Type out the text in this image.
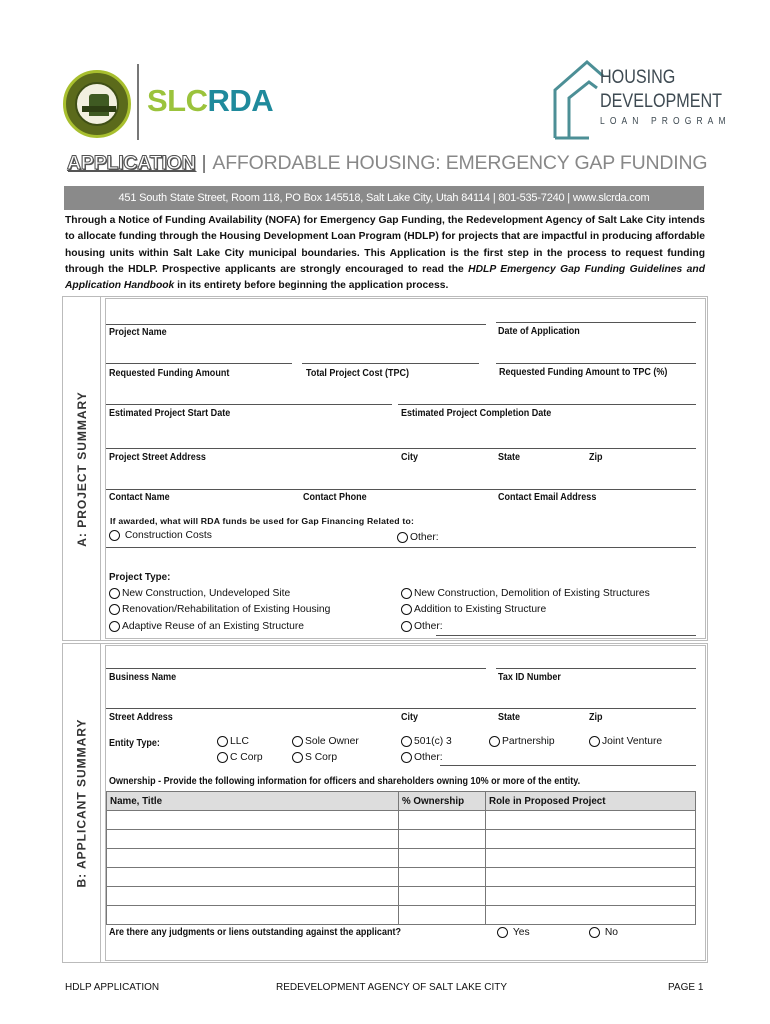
SLCRDA
HOUSING
DEVELOPMENT
LOAN PROGRAM
APPLICATION | AFFORDABLE HOUSING: EMERGENCY GAP FUNDING
451 South State Street, Room 118, PO Box 145518, Salt Lake City, Utah 84114 | 801-535-7240 | www.slcrda.com
Through a Notice of Funding Availability (NOFA) for Emergency Gap Funding, the Redevelopment Agency of Salt Lake City intends to allocate funding through the Housing Development Loan Program (HDLP) for projects that are impactful in producing affordable housing units within Salt Lake City municipal boundaries. This Application is the first step in the process to request funding through the HDLP. Prospective applicants are strongly encouraged to read the HDLP Emergency Gap Funding Guidelines and Application Handbook in its entirety before beginning the application process.
A: PROJECT SUMMARY
Project Name	Date of Application
Requested Funding Amount	Total Project Cost (TPC)	Requested Funding Amount to TPC (%)
Estimated Project Start Date	Estimated Project Completion Date
Project Street Address	City	State	Zip
Contact Name	Contact Phone	Contact Email Address
If awarded, what will RDA funds be used for Gap Financing Related to:

Construction Costs	Other:
Project Type:
New Construction, Undeveloped Site
Renovation/Rehabilitation of Existing Housing
Adaptive Reuse of an Existing Structure
New Construction, Demolition of Existing Structures
Addition to Existing Structure
Other:
B: APPLICANT SUMMARY
Business Name	Tax ID Number
Street Address	City	State	Zip
Entity Type:	LLC
C Corp
Sole Owner
S Corp
501(c) 3
Other:
Partnership	Joint Venture
Ownership - Provide the following information for officers and shareholders owning 10% or more of the entity.
Name, Title	% Ownership	Role in Proposed Project

Are there any judgments or liens outstanding against the applicant?
	Yes
	No
HDLP APPLICATION	REDEVELOPMENT AGENCY OF SALT LAKE CITY	PAGE 1
